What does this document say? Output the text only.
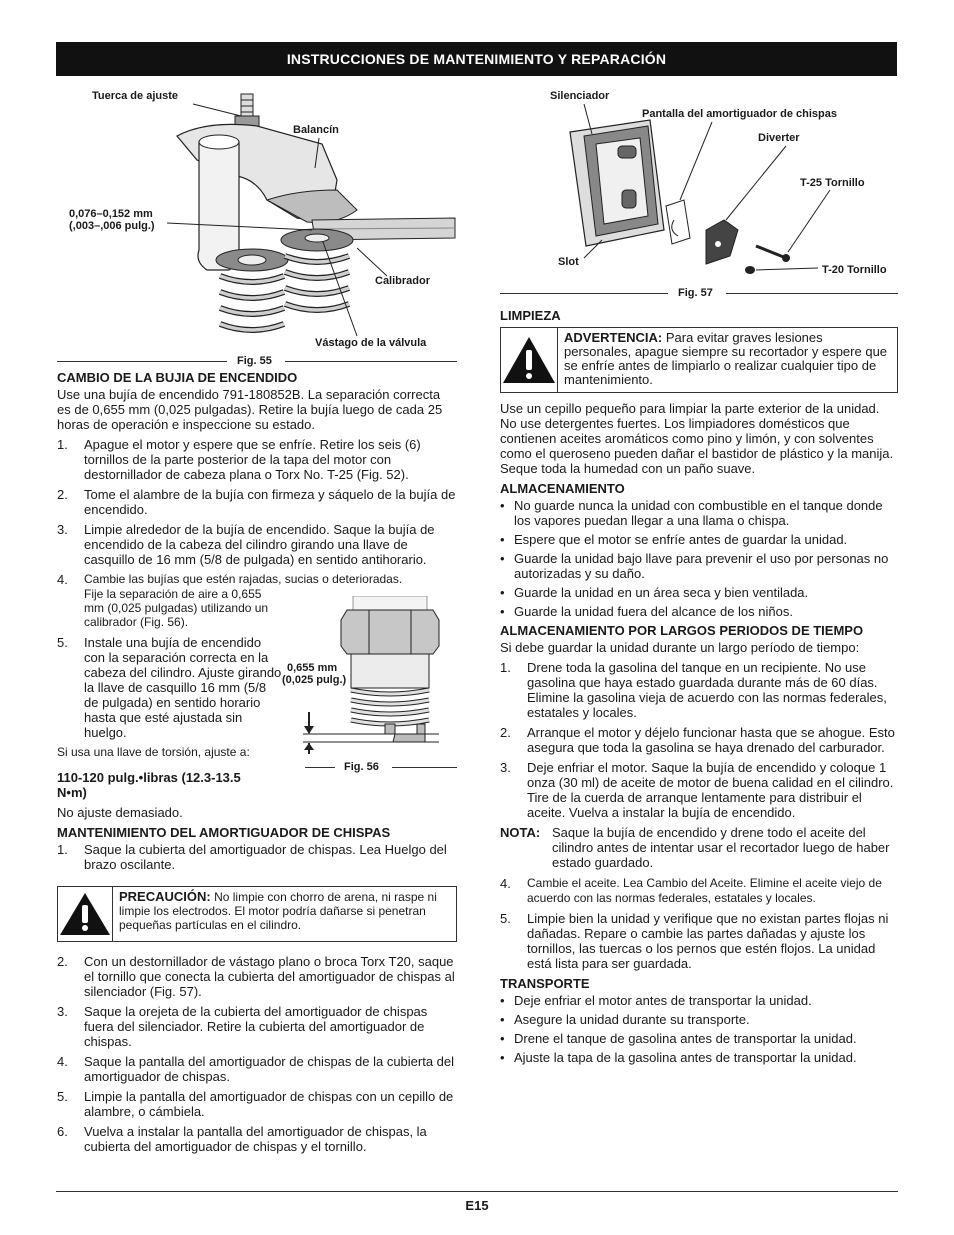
INSTRUCCIONES DE MANTENIMIENTO Y REPARACIÓN
Tuerca de ajuste
Balancín
0,076–0,152 mm
(,003–,006 pulg.)
Calibrador
Vástago de la válvula
Fig. 55
CAMBIO DE LA BUJIA DE ENCENDIDO

Use una bujía de encendido 791-180852B. La separación correcta es de 0,655 mm (0,025 pulgadas). Retire la bujía luego de cada 25 horas de operación e inspeccione su estado.

1. Apague el motor y espere que se enfríe. Retire los seis (6) tornillos de la parte posterior de la tapa del motor con destornillador de cabeza plana o Torx No. T-25 (Fig. 52).
2. Tome el alambre de la bujía con firmeza y sáquelo de la bujía de encendido.
3. Limpie alrededor de la bujía de encendido. Saque la bujía de encendido de la cabeza del cilindro girando una llave de casquillo de 16 mm (5/8 de pulgada) en sentido antihorario.
4. Cambie las bujías que estén rajadas, sucias o deterioradas.
Fije la separación de aire a 0,655 mm (0,025 pulgadas) utilizando un calibrador (Fig. 56).
5. Instale una bujía de encendido con la separación correcta en la cabeza del cilindro. Ajuste girando la llave de casquillo 16 mm (5/8 de pulgada) en sentido horario hasta que esté ajustada sin huelgo.
0,655 mm
(0,025 pulg.)
Si usa una llave de torsión, ajuste a:
Fig. 56

110-120 pulg.•libras (12.3-13.5 N•m)

No ajuste demasiado.

MANTENIMIENTO DEL AMORTIGUADOR DE CHISPAS
1. Saque la cubierta del amortiguador de chispas. Lea Huelgo del brazo oscilante.
PRECAUCIÓN: No limpie con chorro de arena, ni raspe ni limpie los electrodos. El motor podría dañarse si penetran pequeñas partículas en el cilindro.
2. Con un destornillador de vástago plano o broca Torx T20, saque el tornillo que conecta la cubierta del amortiguador de chispas al silenciador (Fig. 57).
3. Saque la orejeta de la cubierta del amortiguador de chispas fuera del silenciador. Retire la cubierta del amortiguador de chispas.
4. Saque la pantalla del amortiguador de chispas de la cubierta del amortiguador de chispas.
5. Limpie la pantalla del amortiguador de chispas con un cepillo de alambre, o cámbiela.
6. Vuelva a instalar la pantalla del amortiguador de chispas, la cubierta del amortiguador de chispas y el tornillo.
Silenciador
Pantalla del amortiguador de chispas
Diverter
T-25 Tornillo
Slot
T-20 Tornillo
Fig. 57
LIMPIEZA
ADVERTENCIA: Para evitar graves lesiones personales, apague siempre su recortador y espere que se enfríe antes de limpiarlo o realizar cualquier tipo de mantenimiento.

Use un cepillo pequeño para limpiar la parte exterior de la unidad. No use detergentes fuertes. Los limpiadores domésticos que contienen aceites aromáticos como pino y limón, y con solventes como el queroseno pueden dañar el bastidor de plástico y la manija. Seque toda la humedad con un paño suave.

ALMACENAMIENTO
• No guarde nunca la unidad con combustible en el tanque donde los vapores puedan llegar a una llama o chispa.
• Espere que el motor se enfríe antes de guardar la unidad.
• Guarde la unidad bajo llave para prevenir el uso por personas no autorizadas y su daño.
• Guarde la unidad en un área seca y bien ventilada.
• Guarde la unidad fuera del alcance de los niños.
ALMACENAMIENTO POR LARGOS PERIODOS DE TIEMPO

Si debe guardar la unidad durante un largo período de tiempo:

1. Drene toda la gasolina del tanque en un recipiente. No use gasolina que haya estado guardada durante más de 60 días. Elimine la gasolina vieja de acuerdo con las normas federales, estatales y locales.
2. Arranque el motor y déjelo funcionar hasta que se ahogue. Esto asegura que toda la gasolina se haya drenado del carburador.
3. Deje enfriar el motor. Saque la bujía de encendido y coloque 1 onza (30 ml) de aceite de motor de buena calidad en el cilindro. Tire de la cuerda de arranque lentamente para distribuir el aceite. Vuelva a instalar la bujía de encendido.
NOTA: Saque la bujía de encendido y drene todo el aceite del cilindro antes de intentar usar el recortador luego de haber estado guardado.
4. Cambie el aceite. Lea Cambio del Aceite. Elimine el aceite viejo de acuerdo con las normas federales, estatales y locales.
5. Limpie bien la unidad y verifique que no existan partes flojas ni dañadas. Repare o cambie las partes dañadas y ajuste los tornillos, las tuercas o los pernos que estén flojos. La unidad está lista para ser guardada.
TRANSPORTE
• Deje enfriar el motor antes de transportar la unidad.
• Asegure la unidad durante su transporte.
• Drene el tanque de gasolina antes de transportar la unidad.
• Ajuste la tapa de la gasolina antes de transportar la unidad.
E15
